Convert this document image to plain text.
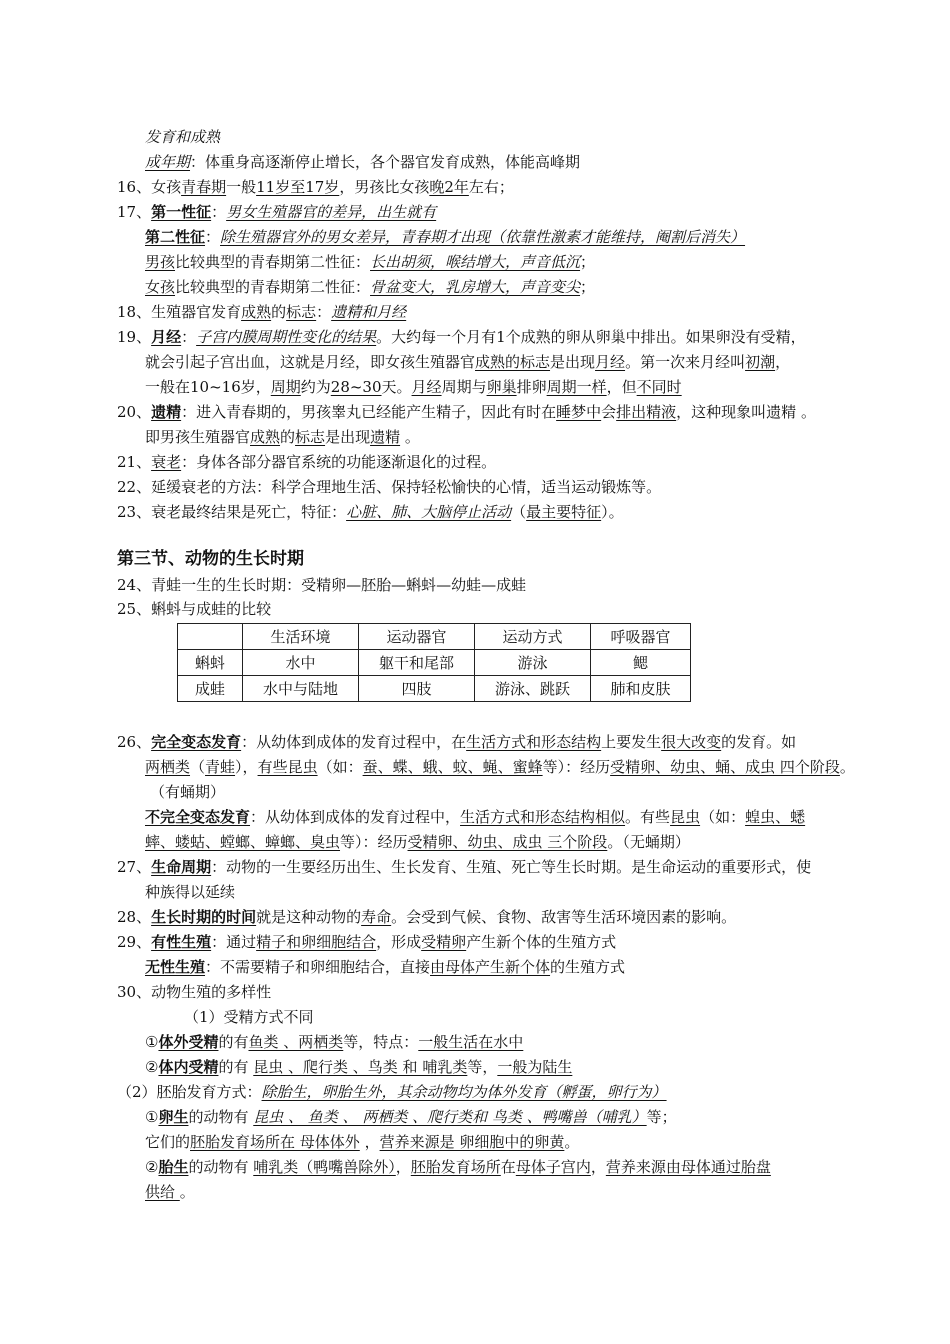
发育和成熟
成年期：体重身高逐渐停止增长，各个器官发育成熟，体能高峰期
16、女孩青春期一般11岁至17岁，男孩比女孩晚2年左右；
17、第一性征：男女生殖器官的差异，出生就有
第二性征：除生殖器官外的男女差异，青春期才出现（依靠性激素才能维持，阉割后消失）
男孩比较典型的青春期第二性征：长出胡须，喉结增大，声音低沉；
女孩比较典型的青春期第二性征：骨盆变大，乳房增大，声音变尖；
18、生殖器官发育成熟的标志：遗精和月经
19、月经：子宫内膜周期性变化的结果。大约每一个月有1个成熟的卵从卵巢中排出。如果卵没有受精，
就会引起子宫出血，这就是月经，即女孩生殖器官成熟的标志是出现月经。第一次来月经叫初潮，
一般在10~16岁，周期约为28~30天。月经周期与卵巢排卵周期一样，但不同时
20、遗精：进入青春期的，男孩睾丸已经能产生精子，因此有时在睡梦中会排出精液，这种现象叫遗精 。
即男孩生殖器官成熟的标志是出现遗精 。
21、衰老：身体各部分器官系统的功能逐渐退化的过程。
22、延缓衰老的方法：科学合理地生活、保持轻松愉快的心情，适当运动锻炼等。
23、衰老最终结果是死亡，特征：心脏、肺、大脑停止活动（最主要特征）。
第三节、动物的生长时期
24、青蛙一生的生长时期：受精卵—胚胎—蝌蚪—幼蛙—成蛙
25、蝌蚪与成蛙的比较
	生活环境	运动器官	运动方式	呼吸器官
蝌蚪	水中	躯干和尾部	游泳	鳃
成蛙	水中与陆地	四肢	游泳、跳跃	肺和皮肤
26、完全变态发育：从幼体到成体的发育过程中，在生活方式和形态结构上要发生很大改变的发育。如
两栖类（青蛙），有些昆虫（如：蚕、蝶、蛾、蚊、蝇、蜜蜂等）：经历受精卵、幼虫、蛹、成虫 四个阶段。
（有蛹期）
不完全变态发育：从幼体到成体的发育过程中，生活方式和形态结构相似。有些昆虫（如：蝗虫、蟋
蟀、蝼蛄、螳螂、蟑螂、臭虫等）：经历受精卵、幼虫、成虫 三个阶段。（无蛹期）
27、生命周期：动物的一生要经历出生、生长发育、生殖、死亡等生长时期。是生命运动的重要形式，使
种族得以延续
28、生长时期的时间就是这种动物的寿命。会受到气候、食物、敌害等生活环境因素的影响。
29、有性生殖：通过精子和卵细胞结合，形成受精卵产生新个体的生殖方式
无性生殖：不需要精子和卵细胞结合，直接由母体产生新个体的生殖方式
30、动物生殖的多样性
（1）受精方式不同
①体外受精的有鱼类 、两栖类等，特点：一般生活在水中
②体内受精的有 昆虫 、爬行类 、鸟类 和 哺乳类等，一般为陆生
（2）胚胎发育方式：除胎生，卵胎生外，其余动物均为体外发育（孵蛋，卵行为）
①卵生的动物有 昆虫 、 鱼类 、 两栖类 、爬行类和 鸟类 、鸭嘴兽（哺乳）等；
它们的胚胎发育场所在 母体体外 ，营养来源是 卵细胞中的卵黄。
②胎生的动物有 哺乳类（鸭嘴兽除外），胚胎发育场所在母体子宫内，营养来源由母体通过胎盘
供给 。
